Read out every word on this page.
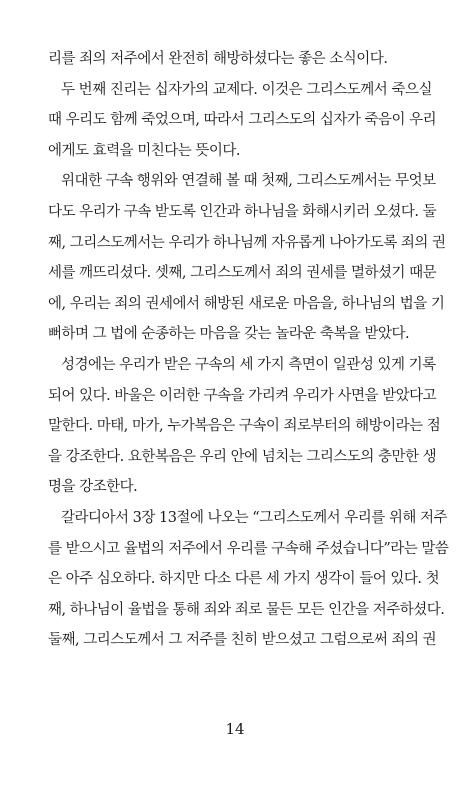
리를 죄의 저주에서 완전히 해방하셨다는 좋은 소식이다.
두 번째 진리는 십자가의 교제다. 이것은 그리스도께서 죽으실
때 우리도 함께 죽었으며, 따라서 그리스도의 십자가 죽음이 우리
에게도 효력을 미친다는 뜻이다.
위대한 구속 행위와 연결해 볼 때 첫째, 그리스도께서는 무엇보
다도 우리가 구속 받도록 인간과 하나님을 화해시키러 오셨다. 둘
째, 그리스도께서는 우리가 하나님께 자유롭게 나아가도록 죄의 권
세를 깨뜨리셨다. 셋째, 그리스도께서 죄의 권세를 멸하셨기 때문
에, 우리는 죄의 권세에서 해방된 새로운 마음을, 하나님의 법을 기
뻐하며 그 법에 순종하는 마음을 갖는 놀라운 축복을 받았다.
성경에는 우리가 받은 구속의 세 가지 측면이 일관성 있게 기록
되어 있다. 바울은 이러한 구속을 가리켜 우리가 사면을 받았다고
말한다. 마태, 마가, 누가복음은 구속이 죄로부터의 해방이라는 점
을 강조한다. 요한복음은 우리 안에 넘치는 그리스도의 충만한 생
명을 강조한다.
갈라디아서 3장 13절에 나오는 “그리스도께서 우리를 위해 저주
를 받으시고 율법의 저주에서 우리를 구속해 주셨습니다”라는 말씀
은 아주 심오하다. 하지만 다소 다른 세 가지 생각이 들어 있다. 첫
째, 하나님이 율법을 통해 죄와 죄로 물든 모든 인간을 저주하셨다.
둘째, 그리스도께서 그 저주를 친히 받으셨고 그럼으로써 죄의 권
14
